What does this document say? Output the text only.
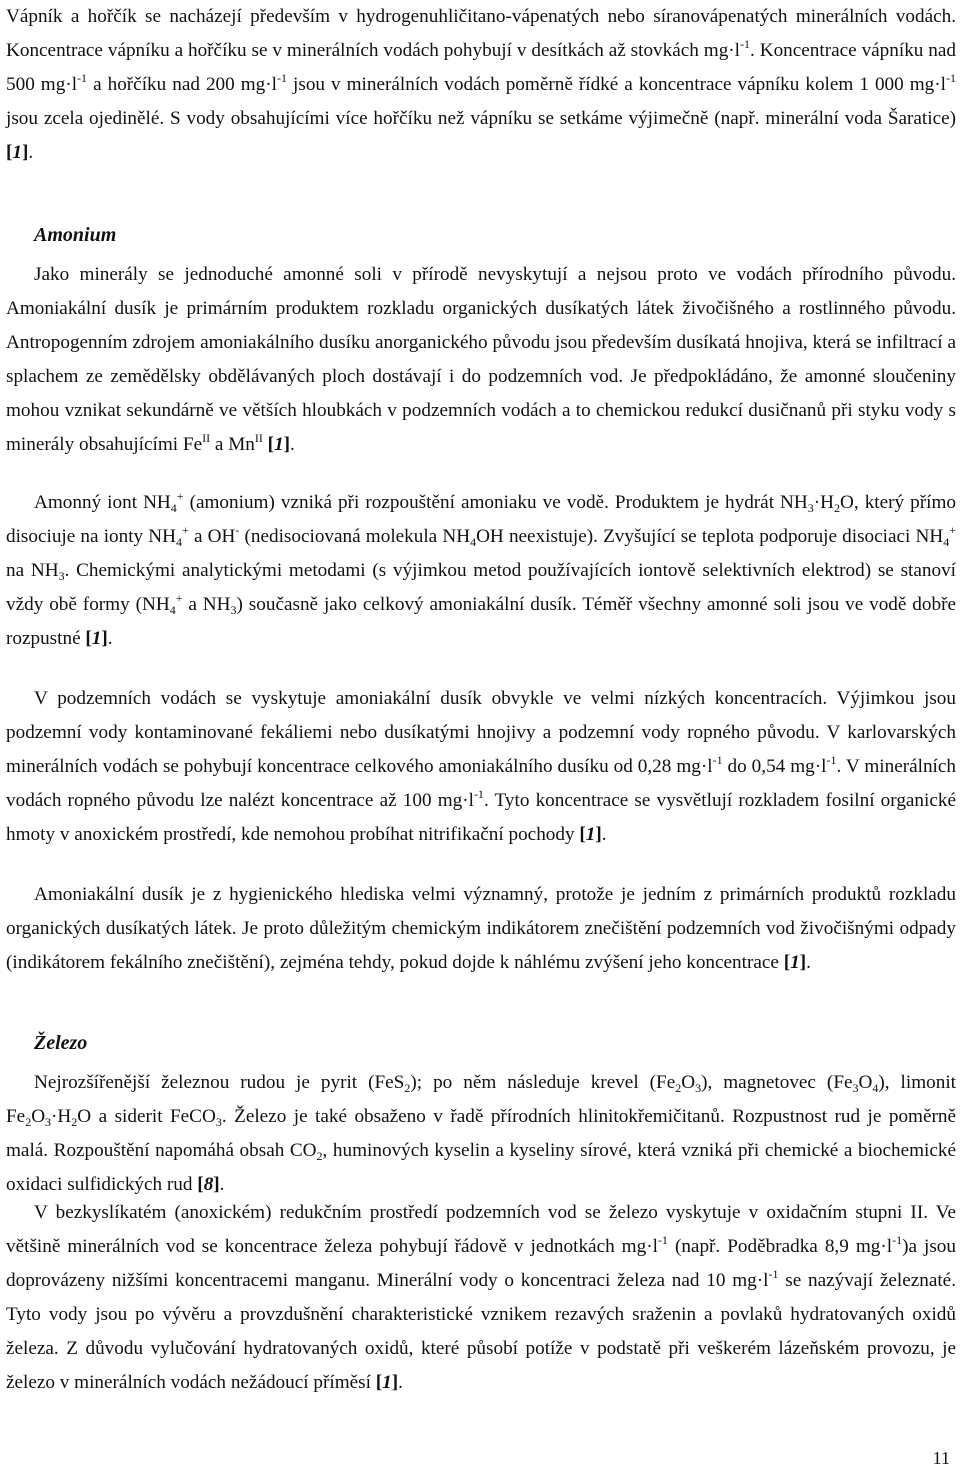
Vápník a hořčík se nacházejí především v hydrogenuhličitano-vápenatých nebo síranovápenatých minerálních vodách. Koncentrace vápníku a hořčíku se v minerálních vodách pohybují v desítkách až stovkách $mg\cdot l^{-1}$. Koncentrace vápníku nad 500 $mg\cdot l^{-1}$ a hořčíku nad 200 $mg\cdot l^{-1}$ jsou v minerálních vodách poměrně řídké a koncentrace vápníku kolem 1 000 $mg\cdot l^{-1}$ jsou zcela ojedinělé. S vody obsahujícími více hořčíku než vápníku se setkáme výjimečně (např. minerální voda Šaratice) [1].

Amonium

Jako minerály se jednoduché amonné soli v přírodě nevyskytují a nejsou proto ve vodách přírodního původu. Amoniakální dusík je primárním produktem rozkladu organických dusíkatých látek živočišného a rostlinného původu. Antropogenním zdrojem amoniakálního dusíku anorganického původu jsou především dusíkatá hnojiva, která se infiltrací a splachem ze zemědělsky obdělávaných ploch dostávají i do podzemních vod. Je předpokládáno, že amonné sloučeniny mohou vznikat sekundárně ve větších hloubkách v podzemních vodách a to chemickou redukcí dusičnanů při styku vody s minerály obsahujícími $Fe^{II}$ a $Mn^{II}$ [1].

Amonný iont $NH_4^+$ (amonium) vzniká při rozpouštění amoniaku ve vodě. Produktem je hydrát $NH_3\cdot H_2O$, který přímo disociuje na ionty $NH_4^+$ a OH- (nedisociovaná molekula $NH_4OH$ neexistuje). Zvyšující se teplota podporuje disociaci $NH_4^+$ na $NH_3$. Chemickými analytickými metodami (s výjimkou metod používajících iontově selektivních elektrod) se stanoví vždy obě formy ($NH_4^+$ a $NH_3$) současně jako celkový amoniakální dusík. Téměř všechny amonné soli jsou ve vodě dobře rozpustné [1].

V podzemních vodách se vyskytuje amoniakální dusík obvykle ve velmi nízkých koncentracích. Výjimkou jsou podzemní vody kontaminované fekáliemi nebo dusíkatými hnojivy a podzemní vody ropného původu. V karlovarských minerálních vodách se pohybují koncentrace celkového amoniakálního dusíku od 0,28 $mg\cdot l^{-1}$ do 0,54 $mg\cdot l^{-1}$. V minerálních vodách ropného původu lze nalézt koncentrace až 100 $mg\cdot l^{-1}$. Tyto koncentrace se vysvětlují rozkladem fosilní organické hmoty v anoxickém prostředí, kde nemohou probíhat nitrifikační pochody [1].

Amoniakální dusík je z hygienického hlediska velmi významný, protože je jedním z primárních produktů rozkladu organických dusíkatých látek. Je proto důležitým chemickým indikátorem znečištění podzemních vod živočišnými odpady (indikátorem fekálního znečištění), zejména tehdy, pokud dojde k náhlému zvýšení jeho koncentrace [1].

Železo

Nejrozšířenější železnou rudou je pyrit (FeS$_2$); po něm následuje krevel $(Fe_2O_3)$, magnetovec $(Fe_3O_4)$, limonit $Fe_2O_3\cdot H_2O$ a siderit FeCO$_3$. Železo je také obsaženo v řadě přírodních hlinitokřemičitanů. Rozpustnost rud je poměrně malá. Rozpouštění napomáhá obsah $CO_2$, huminových kyselin a kyseliny sírové, která vzniká při chemické a biochemické oxidaci sulfidických rud [8].

V bezkyslíkatém (anoxickém) redukčním prostředí podzemních vod se železo vyskytuje v oxidačním stupni II. Ve většině minerálních vod se koncentrace železa pohybují řádově v jednotkách $mg\cdot l^{-1}$ (např. Poděbradka 8,9 $mg\cdot l^{-1})a$ jsou doprovázeny nižšími koncentracemi manganu. Minerální vody o koncentraci železa nad 10 $mg\cdot l^{-1}$ se nazývají železnaté. Tyto vody jsou po vývěru a provzdušnění charakteristické vznikem rezavých sraženin a povlaků hydratovaných oxidů železa. Z důvodu vylučování hydratovaných oxidů, které působí potíže v podstatě při veškerém lázeňském provozu, je železo v minerálních vodách nežádoucí příměsí [1].

11
